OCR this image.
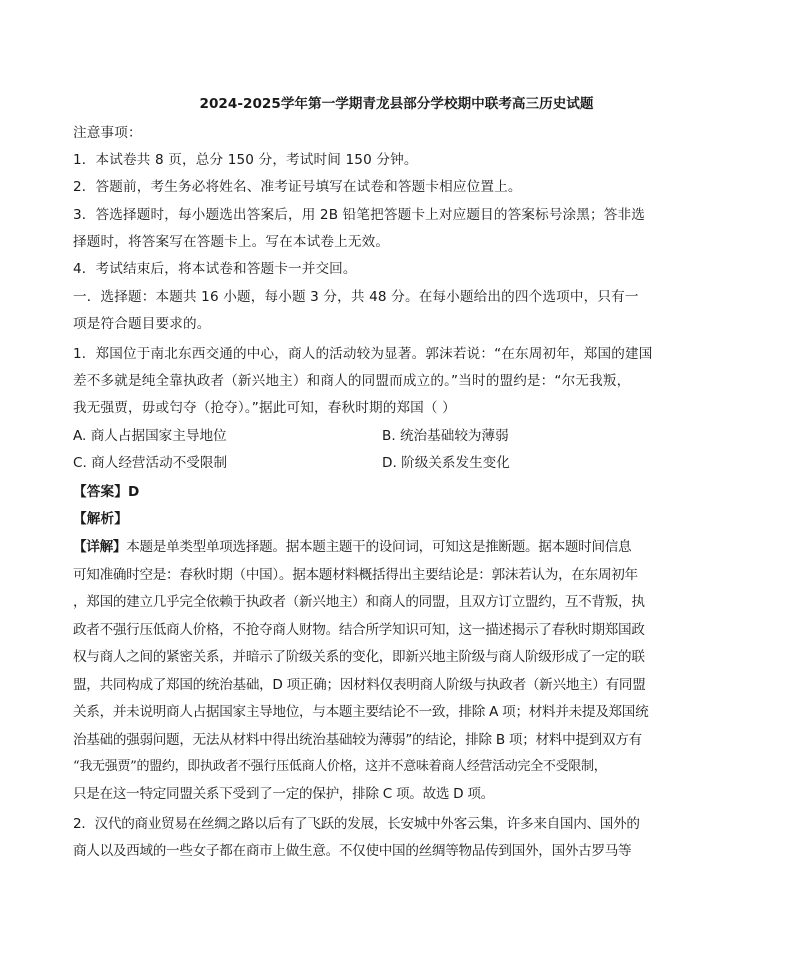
2024-2025学年第一学期青龙县部分学校期中联考高三历史试题
注意事项：
1．本试卷共 8 页，总分 150 分，考试时间 150 分钟。
2．答题前，考生务必将姓名、准考证号填写在试卷和答题卡相应位置上。
3．答选择题时，每小题选出答案后，用 2B 铅笔把答题卡上对应题目的答案标号涂黑；答非选
择题时，将答案写在答题卡上。写在本试卷上无效。
4．考试结束后，将本试卷和答题卡一并交回。
一．选择题：本题共 16 小题，每小题 3 分，共 48 分。在每小题给出的四个选项中，只有一
项是符合题目要求的。
1．郑国位于南北东西交通的中心，商人的活动较为显著。郭沫若说：“在东周初年，郑国的建国
差不多就是纯全靠执政者（新兴地主）和商人的同盟而成立的。”当时的盟约是：“尔无我叛，
我无强贾，毋或匄夺（抢夺）。”据此可知，春秋时期的郑国（ ）
A. 商人占据国家主导地位	B. 统治基础较为薄弱
C. 商人经营活动不受限制	D. 阶级关系发生变化
【答案】D
【解析】
【详解】本题是单类型单项选择题。据本题主题干的设问词，可知这是推断题。据本题时间信息
可知准确时空是：春秋时期（中国）。据本题材料概括得出主要结论是：郭沫若认为，在东周初年
，郑国的建立几乎完全依赖于执政者（新兴地主）和商人的同盟，且双方订立盟约，互不背叛，执
政者不强行压低商人价格，不抢夺商人财物。结合所学知识可知，这一描述揭示了春秋时期郑国政
权与商人之间的紧密关系，并暗示了阶级关系的变化，即新兴地主阶级与商人阶级形成了一定的联
盟，共同构成了郑国的统治基础，D 项正确；因材料仅表明商人阶级与执政者（新兴地主）有同盟
关系，并未说明商人占据国家主导地位，与本题主要结论不一致，排除 A 项；材料并未提及郑国统
治基础的强弱问题，无法从材料中得出统治基础较为薄弱”的结论，排除 B 项；材料中提到双方有
“我无强贾”的盟约，即执政者不强行压低商人价格，这并不意味着商人经营活动完全不受限制，
只是在这一特定同盟关系下受到了一定的保护，排除 C 项。故选 D 项。
2．汉代的商业贸易在丝绸之路以后有了飞跃的发展，长安城中外客云集，许多来自国内、国外的
商人以及西域的一些女子都在商市上做生意。不仅使中国的丝绸等物品传到国外，国外古罗马等
